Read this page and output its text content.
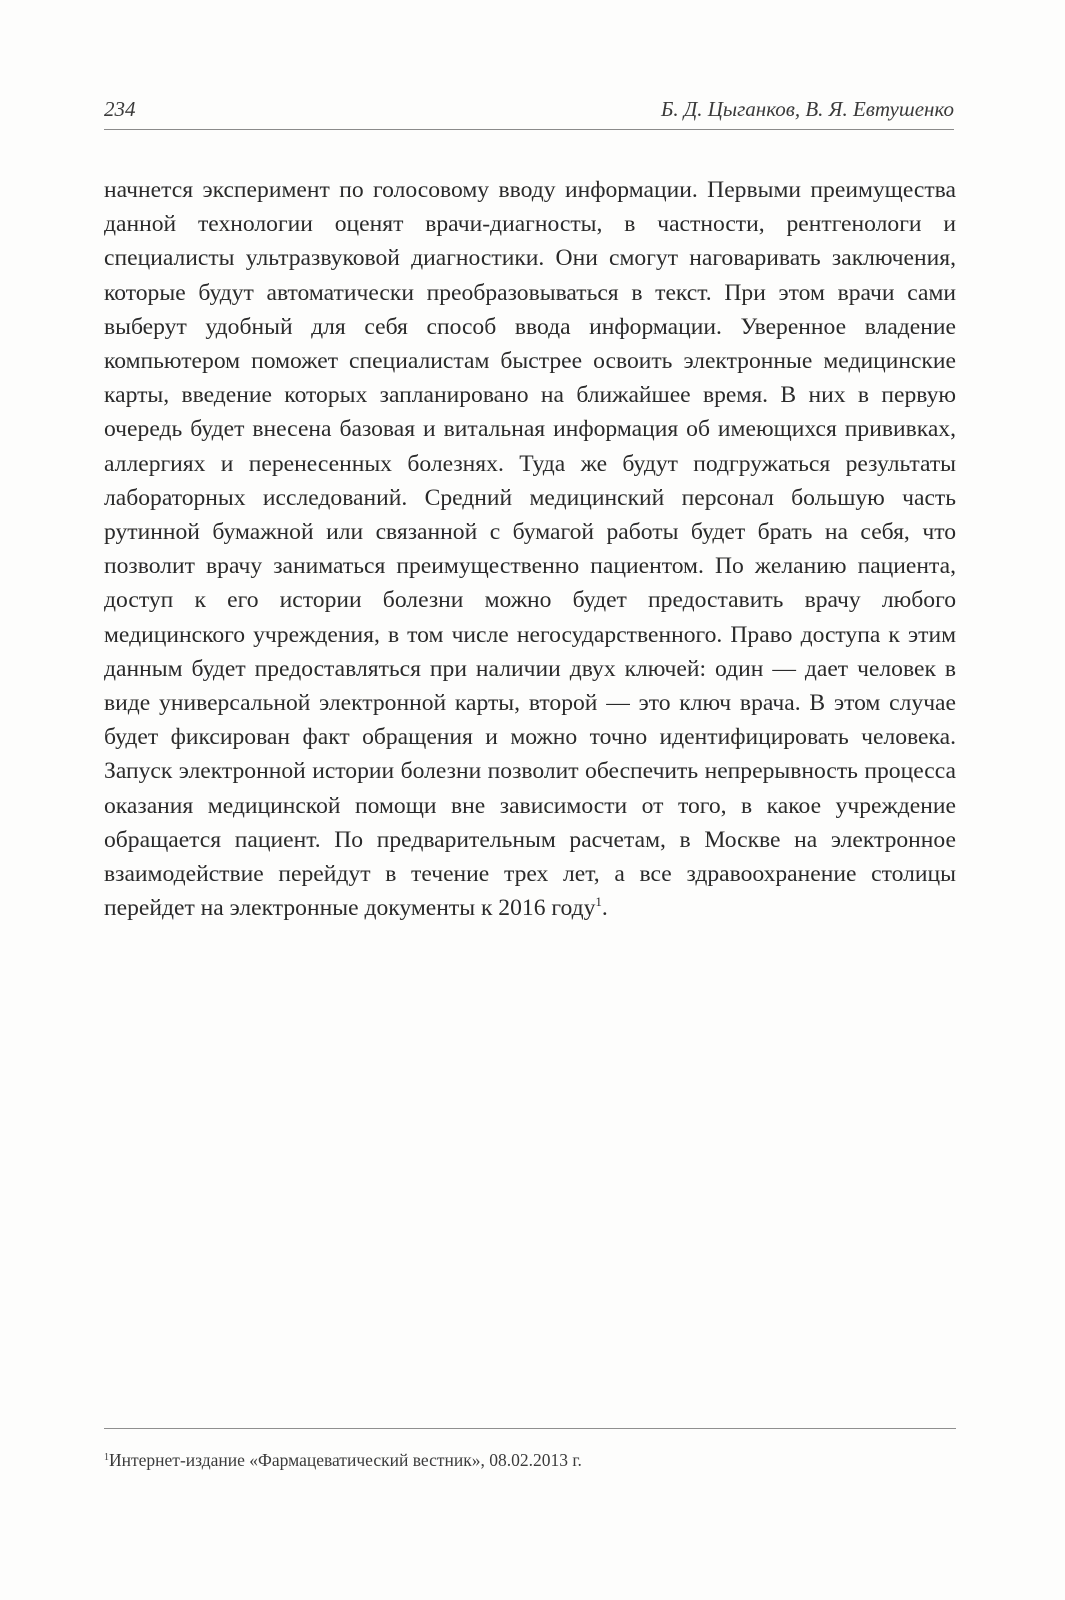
234	Б. Д. Цыганков, В. Я. Евтушенко
начнется эксперимент по голосовому вводу информации. Первыми преимущества данной технологии оценят врачи-диагносты, в частности, рентгенологи и специалисты ультразвуковой диагностики. Они смогут наговаривать заключения, которые будут автоматически преобразовываться в текст. При этом врачи сами выберут удобный для себя способ ввода информации. Уверенное владение компьютером поможет специалистам быстрее освоить электронные медицинские карты, введение которых запланировано на ближайшее время. В них в первую очередь будет внесена базовая и витальная информация об имеющихся прививках, аллергиях и перенесенных болезнях. Туда же будут подгружаться результаты лабораторных исследований. Средний медицинский персонал большую часть рутинной бумажной или связанной с бумагой работы будет брать на себя, что позволит врачу заниматься преимущественно пациентом. По желанию пациента, доступ к его истории болезни можно будет предоставить врачу любого медицинского учреждения, в том числе негосударственного. Право доступа к этим данным будет предоставляться при наличии двух ключей: один — дает человек в виде универсальной электронной карты, второй — это ключ врача. В этом случае будет фиксирован факт обращения и можно точно идентифицировать человека. Запуск электронной истории болезни позволит обеспечить непрерывность процесса оказания медицинской помощи вне зависимости от того, в какое учреждение обращается пациент. По предварительным расчетам, в Москве на электронное взаимодействие перейдут в течение трех лет, а все здравоохранение столицы перейдет на электронные документы к 2016 году$^1$.
$^1$Интернет-издание «Фармацеватический вестник», 08.02.2013 г.
